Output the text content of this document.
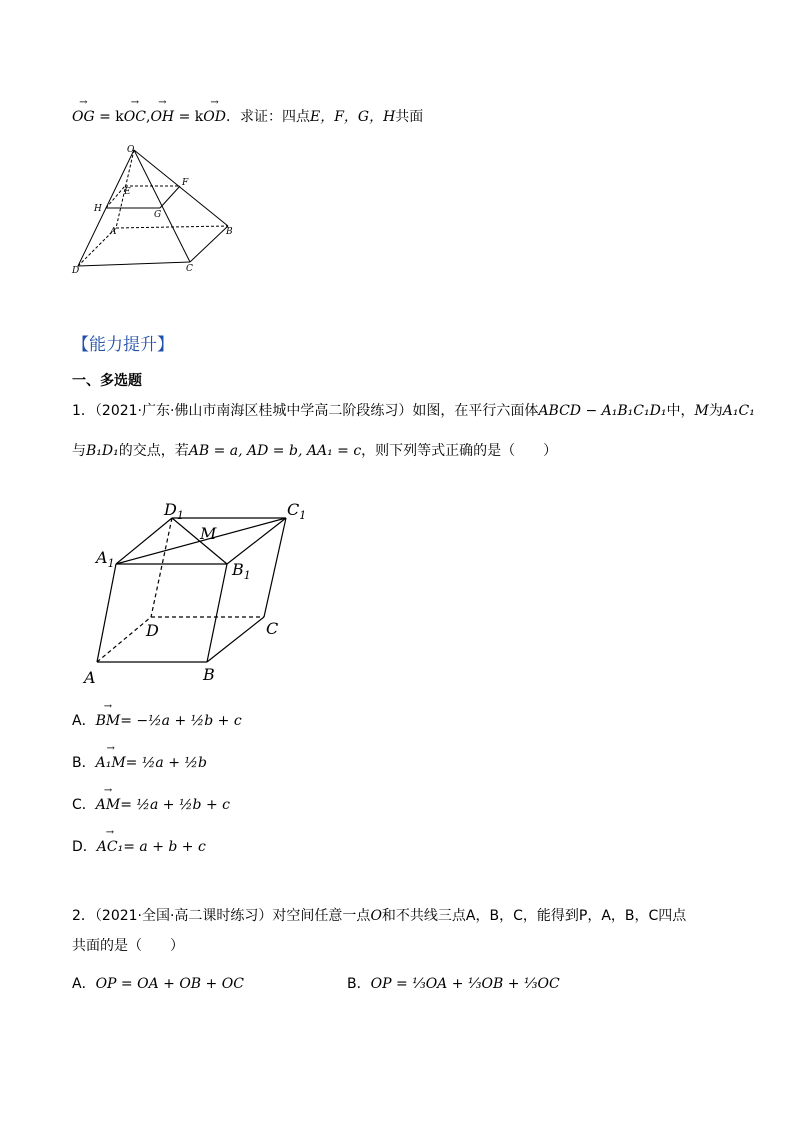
→ OG = k→ OC,→ OH = k→ OD．求证：四点E，F，G，H共面
O
F
E
H
G
A	B
D	C
【能力提升】
一、多选题
1．（2021·广东·佛山市南海区桂城中学高二阶段练习）如图，在平行六面体ABCD − A₁B₁C₁D₁中，M为A₁C₁
与B₁D₁的交点，若AB = a, AD = b, AA₁ = c，则下列等式正确的是（　　）
$D_1$	$C_1$
$A_1$	$B_1$
M
D	C
A	B
A．→ BM= −½a + ½b + c
B．→ A₁M= ½a + ½b
C．→ AM= ½a + ½b + c
D．→ AC₁= a + b + c
2．（2021·全国·高二课时练习）对空间任意一点O和不共线三点A，B，C，能得到P，A，B，C四点
共面的是（　　）
A．OP = OA + OB + OC	B．OP = ⅓OA + ⅓OB + ⅓OC
